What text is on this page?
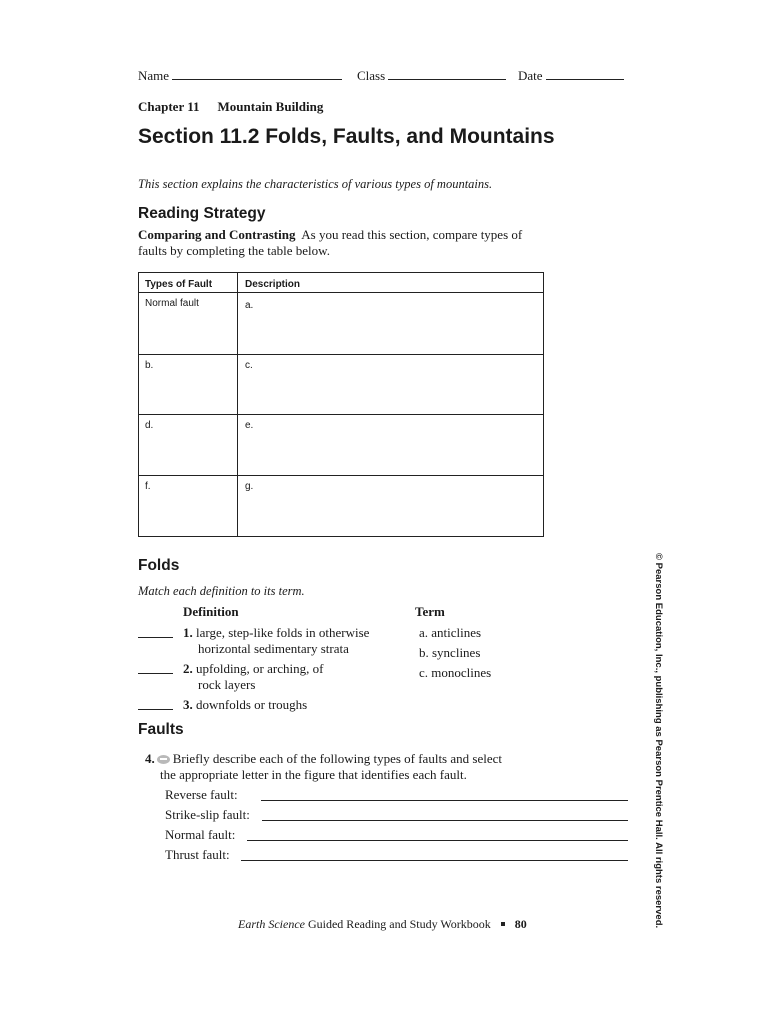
Name	Class	Date
Chapter 11 Mountain Building
Section 11.2 Folds, Faults, and Mountains
This section explains the characteristics of various types of mountains.
Reading Strategy
Comparing and Contrasting As you read this section, compare types of faults by completing the table below.
Types of Fault	Description
Normal fault	a.
b.	c.
d.	e.
f.	g.
Folds
Match each definition to its term.
Definition	Term
1. large, step-like folds in otherwise
horizontal sedimentary strata
2. upfolding, or arching, of
rock layers
3. downfolds or troughs
a. anticlines
b. synclines
c. monoclines
Faults
4. Briefly describe each of the following types of faults and select
the appropriate letter in the figure that identifies each fault.
Reverse fault:
Strike-slip fault:
Normal fault:
Thrust fault:
Earth Science Guided Reading and Study Workbook 80	© Pearson Education, Inc., publishing as Pearson Prentice Hall. All rights reserved.
